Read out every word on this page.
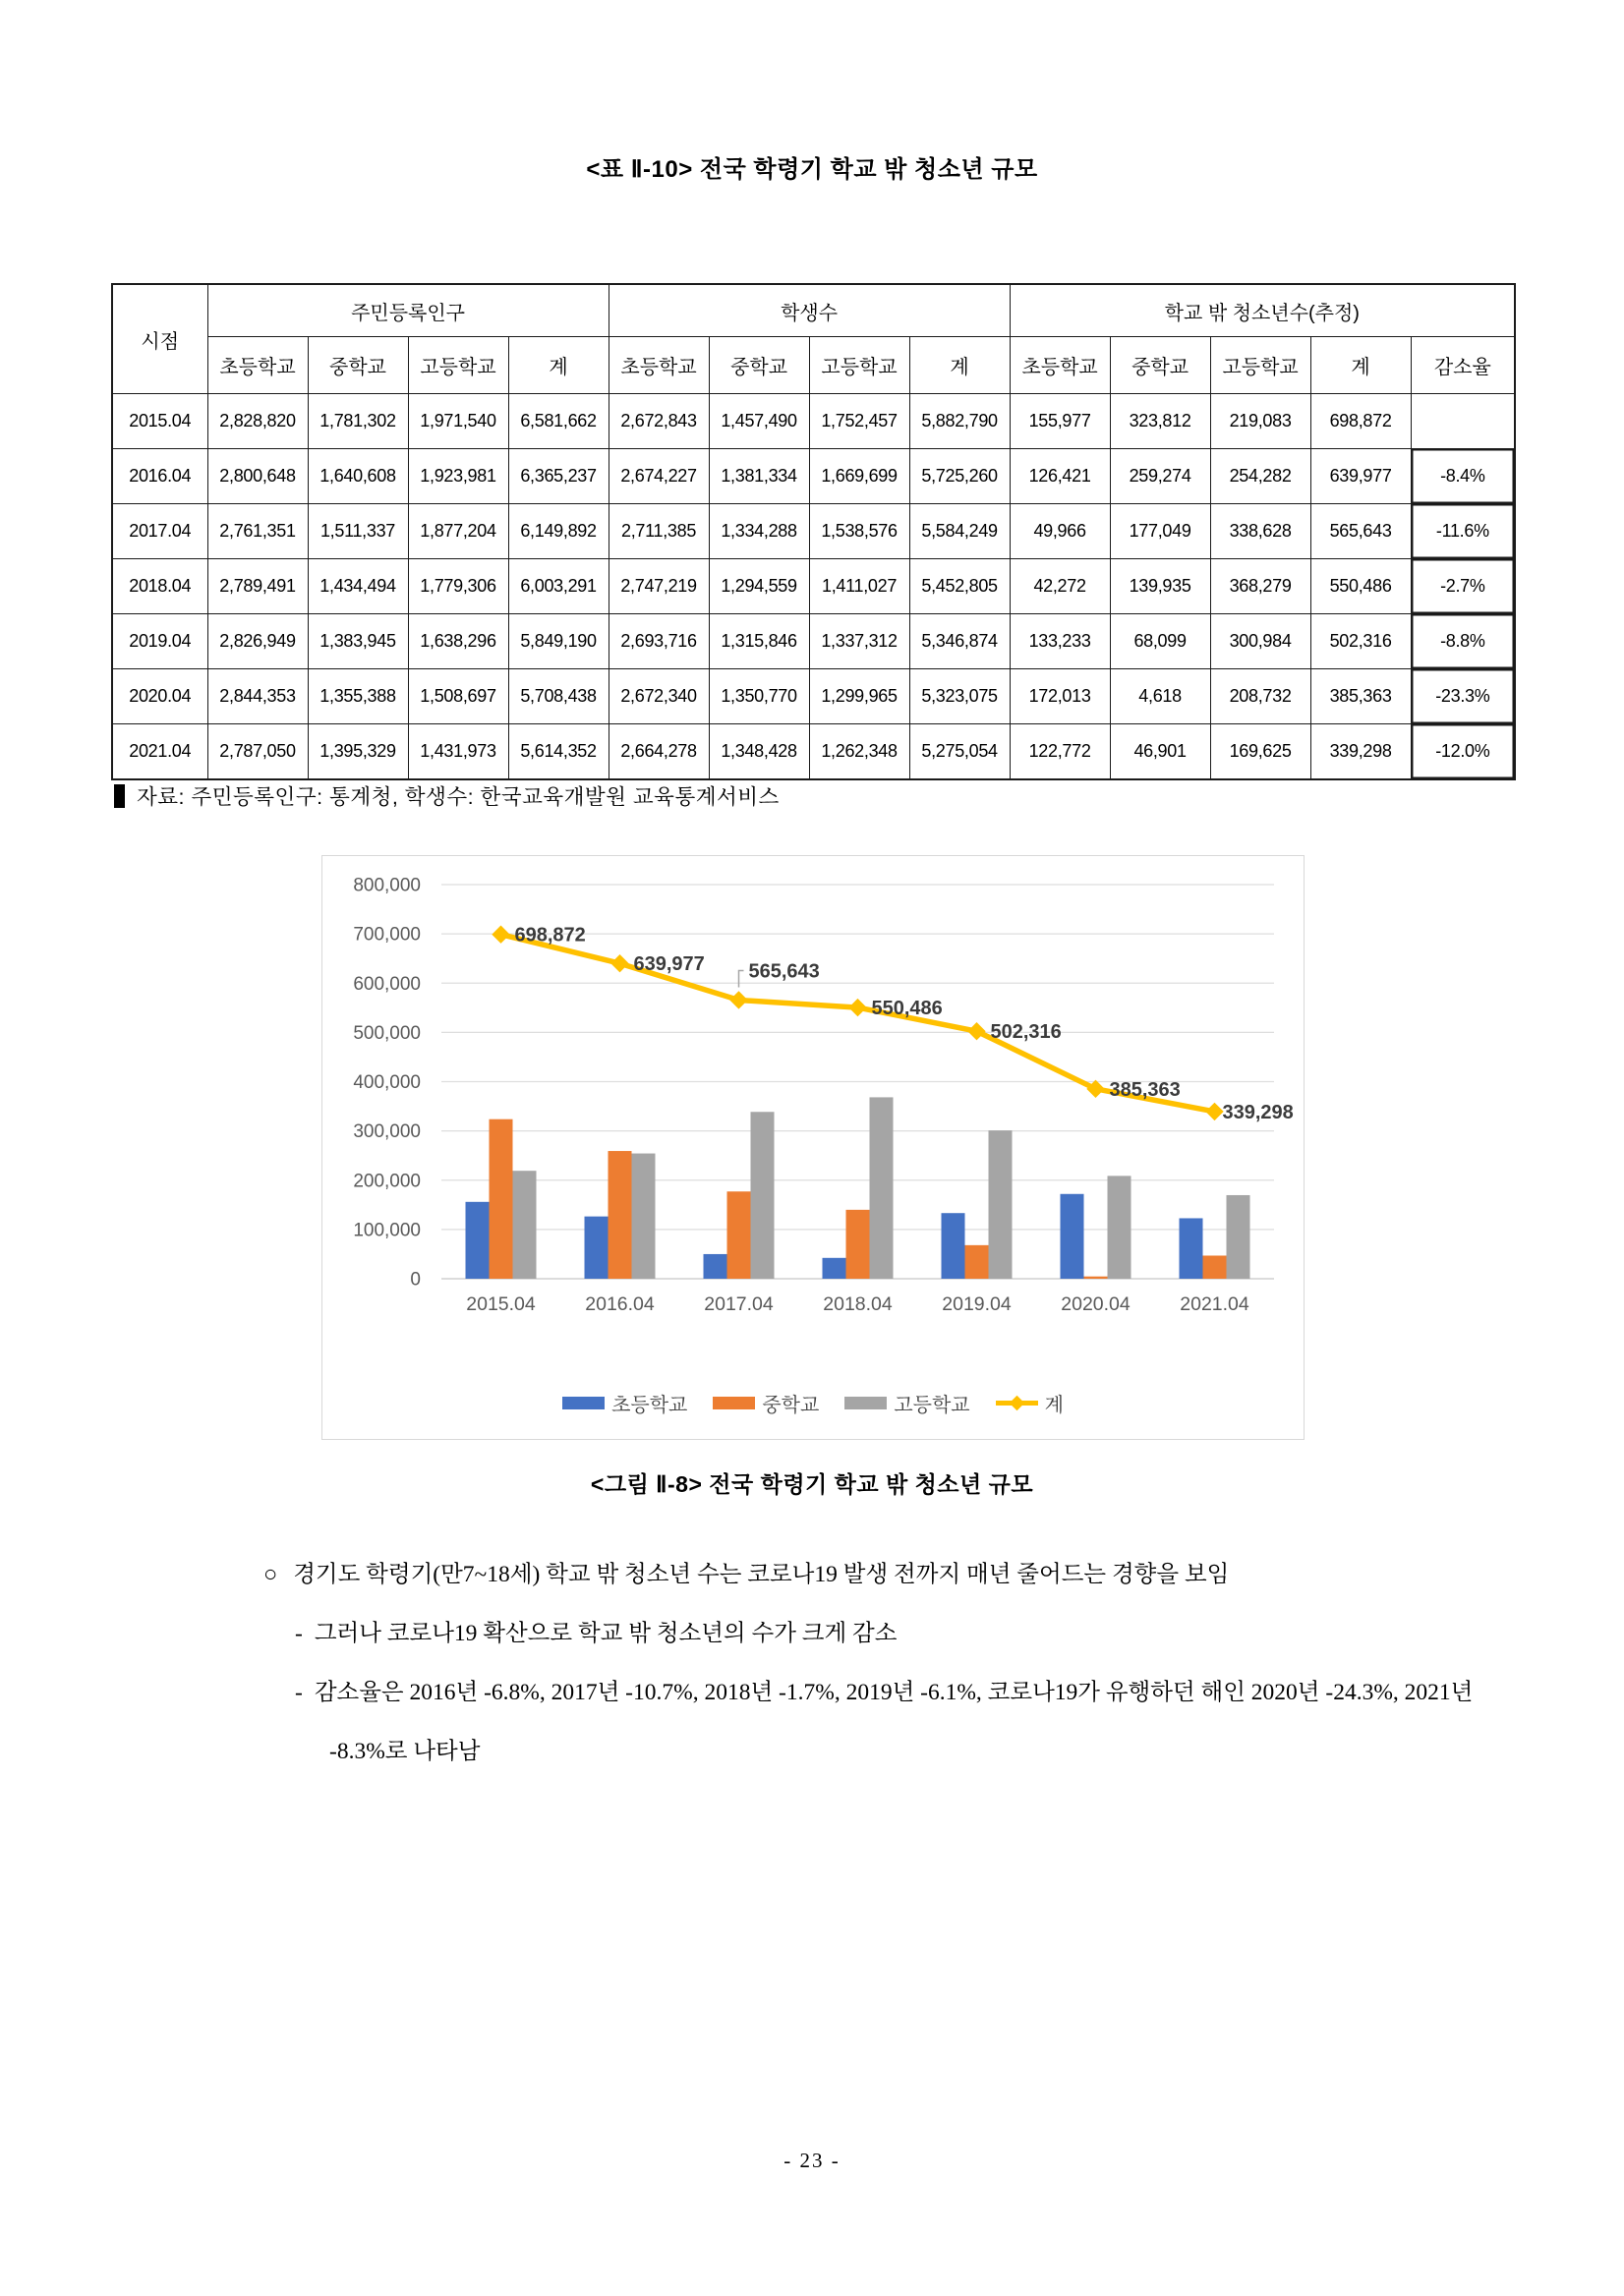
<표 Ⅱ-10> 전국 학령기 학교 밖 청소년 규모
시점	주민등록인구				학생수				학교 밖 청소년수(추정)				
	초등학교	중학교	고등학교	계	초등학교	중학교	고등학교	계	초등학교	중학교	고등학교	계	감소율
2015.04	2,828,820	1,781,302	1,971,540	6,581,662	2,672,843	1,457,490	1,752,457	5,882,790	155,977	323,812	219,083	698,872	
2016.04	2,800,648	1,640,608	1,923,981	6,365,237	2,674,227	1,381,334	1,669,699	5,725,260	126,421	259,274	254,282	639,977	-8.4%
2017.04	2,761,351	1,511,337	1,877,204	6,149,892	2,711,385	1,334,288	1,538,576	5,584,249	49,966	177,049	338,628	565,643	-11.6%
2018.04	2,789,491	1,434,494	1,779,306	6,003,291	2,747,219	1,294,559	1,411,027	5,452,805	42,272	139,935	368,279	550,486	-2.7%
2019.04	2,826,949	1,383,945	1,638,296	5,849,190	2,693,716	1,315,846	1,337,312	5,346,874	133,233	68,099	300,984	502,316	-8.8%
2020.04	2,844,353	1,355,388	1,508,697	5,708,438	2,672,340	1,350,770	1,299,965	5,323,075	172,013	4,618	208,732	385,363	-23.3%
2021.04	2,787,050	1,395,329	1,431,973	5,614,352	2,664,278	1,348,428	1,262,348	5,275,054	122,772	46,901	169,625	339,298	-12.0%
자료: 주민등록인구: 통계청, 학생수: 한국교육개발원 교육통계서비스
800,000
700,000
600,000
500,000
400,000
300,000
200,000
100,000
0
698,872
639,977 565,643
550,486
502,316
385,363
339,298
2015.04	2016.04	2017.04	2018.04	2019.04	2020.04	2021.04
초등학교	중학교	고등학교	계
<그림 Ⅱ-8> 전국 학령기 학교 밖 청소년 규모
○ 경기도 학령기(만7~18세) 학교 밖 청소년 수는 코로나19 발생 전까지 매년 줄어드는 경향을 보임
- 그러나 코로나19 확산으로 학교 밖 청소년의 수가 크게 감소
- 감소율은 2016년 -6.8%, 2017년 -10.7%, 2018년 -1.7%, 2019년 -6.1%, 코로나19가 유행하던 해인 2020년 -24.3%, 2021년 -8.3%로 나타남
- 23 -
